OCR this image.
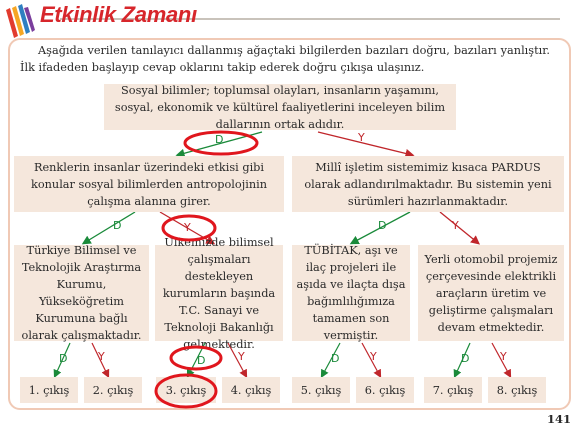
Etkinlik Zamanı
Aşağıda verilen tanılayıcı dallanmış ağaçtaki bilgilerden bazıları doğru, bazıları yanlıştır. İlk ifadeden başlayıp cevap oklarını takip ederek doğru çıkışa ulaşınız.
D	Y
D	Y	D	Y
D	Y	D	Y	D	Y	D	Y
Sosyal bilimler; toplumsal olayları, insanların yaşamını, sosyal, ekonomik ve kültürel faaliyetlerini inceleyen bilim dallarının ortak adıdır.
Renklerin insanlar üzerindeki etkisi gibi konular sosyal bilimlerden antropolojinin çalışma alanına girer.
Millî işletim sistemimiz kısaca PARDUS olarak adlandırılmaktadır. Bu sistemin yeni sürümleri hazırlanmaktadır.
Türkiye Bilimsel ve Teknolojik Araştırma Kurumu, Yükseköğretim Kurumuna bağlı olarak çalışmaktadır.
Ülkemizde bilimsel çalışmaları destekleyen kurumların başında T.C. Sanayi ve Teknoloji Bakanlığı gelmektedir.
TÜBİTAK, aşı ve ilaç projeleri ile aşıda ve ilaçta dışa bağımlılığımıza tamamen son vermiştir.
Yerli otomobil projemiz çerçevesinde elektrikli araçların üretim ve geliştirme çalışmaları devam etmektedir.
1. çıkış	2. çıkış	3. çıkış	4. çıkış	5. çıkış	6. çıkış	7. çıkış	8. çıkış
141
